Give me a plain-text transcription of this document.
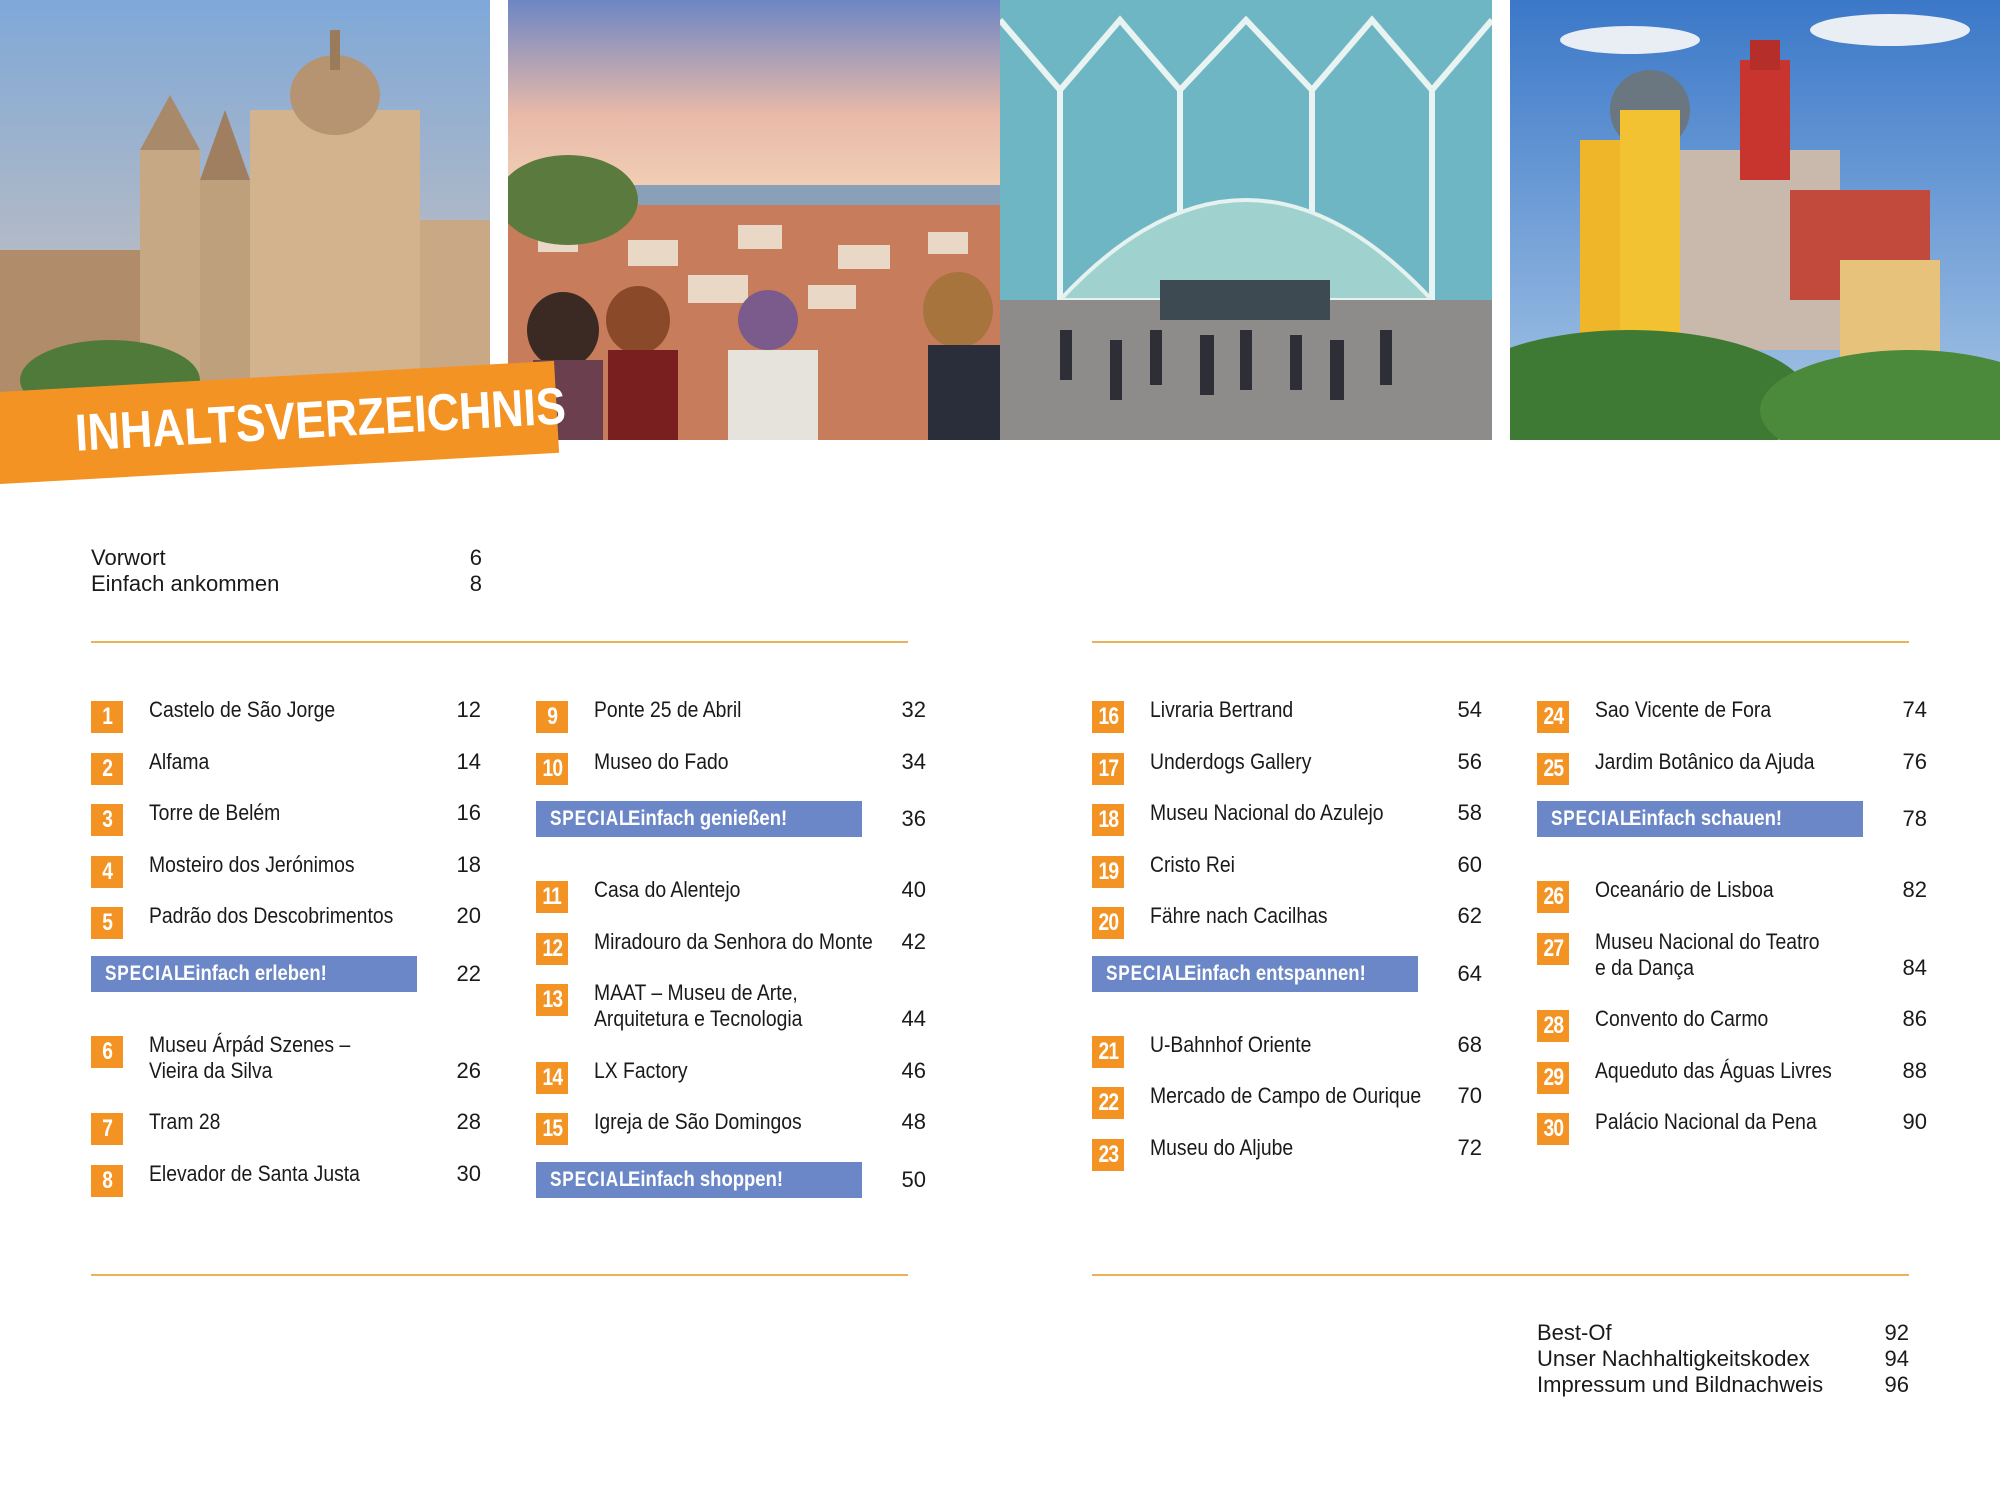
INHALTSVERZEICHNIS
Vorwort	6
Einfach ankommen	8
1 Castelo de São Jorge	12
2 Alfama	14
3 Torre de Belém	16
4 Mosteiro dos Jerónimos	18
5 Padrão dos Descobrimentos	20
SPECIAL
Einfach erleben!	22
6 Museu Árpád Szenes –
Vieira da Silva	26
7 Tram 28	28
8 Elevador de Santa Justa	30
9 Ponte 25 de Abril	32
10 Museo do Fado	34
SPECIAL
Einfach genießen!	36
11 Casa do Alentejo	40
12 Miradouro da Senhora do Monte 42
13 MAAT – Museu de Arte,
Arquitetura e Tecnologia	44
14 LX Factory	46
15 Igreja de São Domingos	48
SPECIAL
Einfach shoppen!	50
16 Livraria Bertrand	54
17 Underdogs Gallery	56
18 Museu Nacional do Azulejo	58
19 Cristo Rei	60
20 Fähre nach Cacilhas	62
SPECIAL
Einfach entspannen!	64
21 U-Bahnhof Oriente	68
22 Mercado de Campo de Ourique 70
23 Museu do Aljube	72
24 Sao Vicente de Fora	74
25 Jardim Botânico da Ajuda	76
SPECIAL
Einfach schauen!	78
26 Oceanário de Lisboa	82
27 Museu Nacional do Teatro
e da Dança	84
28 Convento do Carmo	86
29 Aqueduto das Águas Livres	88
30 Palácio Nacional da Pena	90
Best-Of	92
Unser Nachhaltigkeitskodex	94
Impressum und Bildnachweis	96
